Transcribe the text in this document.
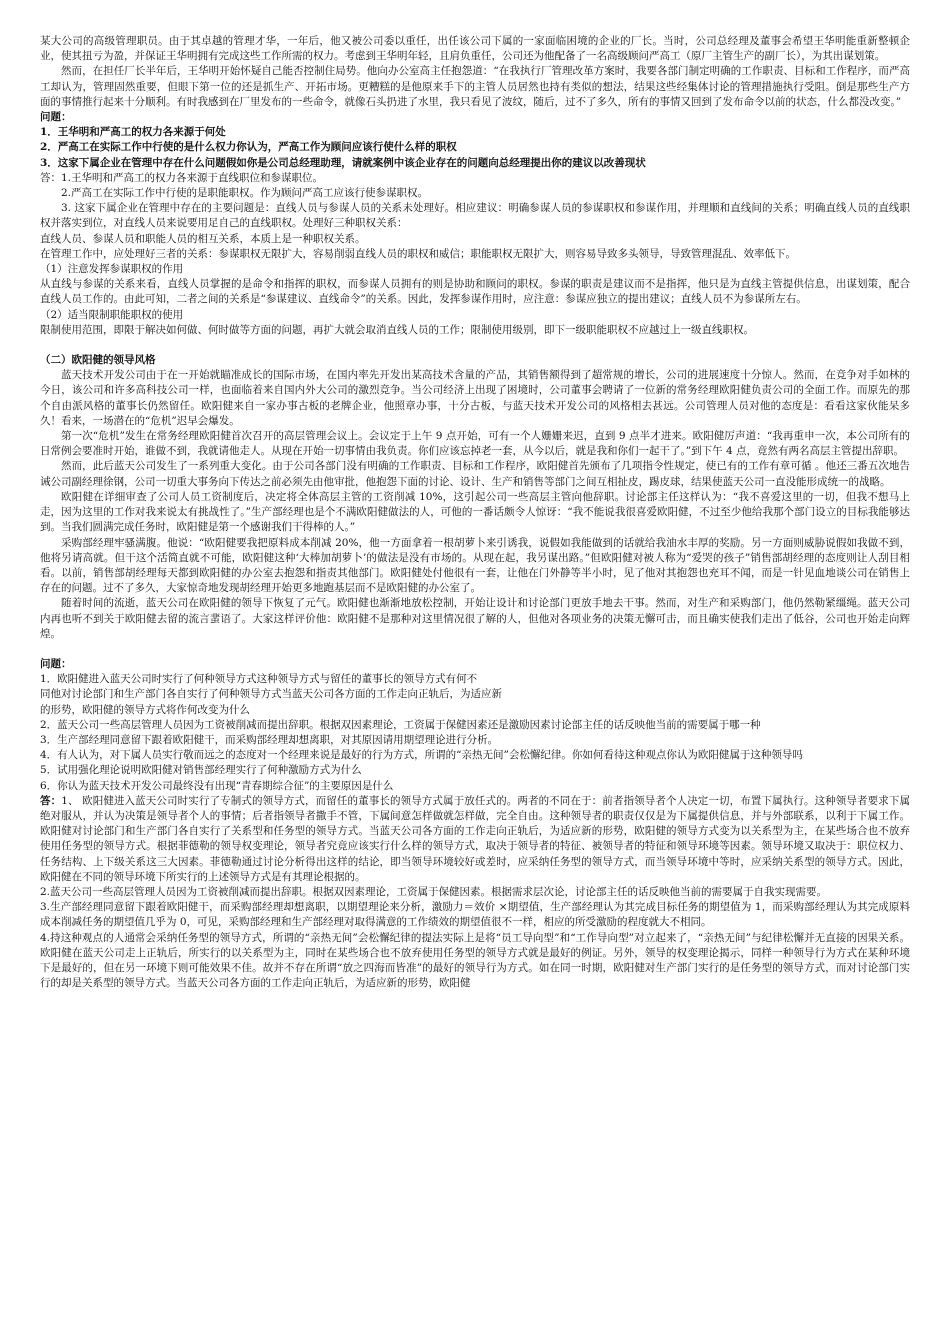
某大公司的高级管理职员。由于其卓越的管理才华，一年后，他又被公司委以重任，出任该公司下属的一家面临困境的企业的厂长。当时，公司总经理及董事会希望王华明能重新整顿企业，使其扭亏为盈，并保证王华明拥有完成这些工作所需的权力。考虑到王华明年轻，且肩负重任，公司还为他配备了一名高级顾问严高工（原厂主管生产的副厂长），为其出谋划策。

然而，在担任厂长半年后，王华明开始怀疑自己能否控制住局势。他向办公室高主任抱怨道：“在我执行厂管理改革方案时，我要各部门制定明确的工作职责、目标和工作程序，而严高工却认为，管理固然重要，但眼下第一位的还是抓生产、开拓市场。更糟糕的是他原来手下的主管人员居然也持有类似的想法，结果这些经集体讨论的管理措施执行受阻。倒是那些生产方面的事情推行起来十分顺利。有时我感到在厂里发布的一些命令，就像石头扔进了水里，我只看见了波纹，随后，过不了多久，所有的事情又回到了发布命令以前的状态，什么都没改变。”

问题：

1．王华明和严高工的权力各来源于何处

2．严高工在实际工作中行使的是什么权力你认为，严高工作为顾问应该行使什么样的职权

3．这家下属企业在管理中存在什么问题假如你是公司总经理助理，请就案例中该企业存在的问题向总经理提出你的建议以改善现状

答：1.王华明和严高工的权力各来源于直线职位和参谋职位。

2.严高工在实际工作中行使的是职能职权。作为顾问严高工应该行使参谋职权。

3. 这家下属企业在管理中存在的主要问题是：直线人员与参谋人员的关系未处理好。相应建议：明确参谋人员的参谋职权和参谋作用，并理顺和直线间的关系；明确直线人员的直线职权并落实到位，对直线人员来说要用足自己的直线职权。处理好三种职权关系：

直线人员、参谋人员和职能人员的相互关系，本质上是一种职权关系。

在管理工作中，应处理好三者的关系：参谋职权无限扩大，容易削弱直线人员的职权和威信；职能职权无限扩大，则容易导致多头领导，导致管理混乱、效率低下。

（1）注意发挥参谋职权的作用

从直线与参谋的关系来看，直线人员掌握的是命令和指挥的职权，而参谋人员拥有的则是协助和顾问的职权。参谋的职责是建议而不是指挥，他只是为直线主管提供信息，出谋划策，配合直线人员工作的。由此可知，二者之间的关系是“参谋建议、直线命令”的关系。因此，发挥参谋作用时，应注意：参谋应独立的提出建议；直线人员不为参谋所左右。

（2）适当限制职能职权的使用

限制使用范围，即限于解决如何做、何时做等方面的问题，再扩大就会取消直线人员的工作；限制使用级别，即下一级职能职权不应越过上一级直线职权。

（二）欧阳健的领导风格

蓝天技术开发公司由于在一开始就瞄准成长的国际市场，在国内率先开发出某高技术含量的产品，其销售额得到了超常规的增长，公司的进展速度十分惊人。然而，在竞争对手如林的今日，该公司和许多高科技公司一样，也面临着来自国内外大公司的激烈竞争。当公司经济上出现了困境时，公司董事会聘请了一位新的常务经理欧阳健负责公司的全面工作。而原先的那个自由派风格的董事长仍然留任。欧阳健来自一家办事古板的老牌企业，他照章办事，十分古板，与蓝天技术开发公司的风格相去甚远。公司管理人员对他的态度是：看看这家伙能呆多久！看来，一场潜在的“危机”迟早会爆发。

第一次“危机”发生在常务经理欧阳健首次召开的高层管理会议上。会议定于上午 9 点开始，可有一个人姗姗来迟，直到 9 点半才进来。欧阳健厉声道：“我再重申一次，本公司所有的日常例会要准时开始，谁做不到，我就请他走人。从现在开始一切事情由我负责。你们应该忘掉老一套，从今以后，就是我和你们一起干了。”到下午 4 点，竟然有两名高层主管提出辞职。

然而，此后蓝天公司发生了一系列重大变化。由于公司各部门没有明确的工作职责、目标和工作程序，欧阳健首先颁布了几项指令性规定，使已有的工作有章可循 。他还三番五次地告诫公司副经理徐钢，公司一切重大事务向下传达之前必须先由他审批，他抱怨下面的讨论、设计、生产和销售等部门之间互相扯皮，踢皮球，结果使蓝天公司一直没能形成统一的战略。

欧阳健在详细审查了公司人员工资制度后，决定将全体高层主管的工资削减 10%，这引起公司一些高层主管向他辞职。讨论部主任这样认为：“我不喜爱这里的一切，但我不想马上走，因为这里的工作对我来说太有挑战性了。”生产部经理也是个不满欧阳健做法的人，可他的一番话颇令人惊讶：“我不能说我很喜爱欧阳健，不过至少他给我那个部门设立的目标我能够达到。当我们圆满完成任务时，欧阳健是第一个感谢我们干得棒的人。”

采购部经理牢骚满腹。他说：“欧阳健要我把原料成本削减 20%，他一方面拿着一根胡萝卜来引诱我，说假如我能做到的话就给我油水丰厚的奖励。另一方面则威胁说假如我做不到，他将另请高就。但干这个活简直就不可能，欧阳健这种‘大棒加胡萝卜’的做法是没有市场的。从现在起，我另谋出路。”但欧阳健对被人称为“爱哭的孩子”销售部胡经理的态度则让人刮目相看。以前，销售部胡经理每天都到欧阳健的办公室去抱怨和指责其他部门。欧阳健处付他很有一套，让他在门外静等半小时，见了他对其抱怨也充耳不闻，而是一针见血地谈公司在销售上存在的问题。过不了多久，大家惊奇地发现胡经理开始更多地跑基层而不是欧阳健的办公室了。

随着时间的流逝，蓝天公司在欧阳健的领导下恢复了元气。欧阳健也渐渐地放松控制，开始让设计和讨论部门更放手地去干事。然而，对生产和采购部门，他仍然勒紧缰绳。蓝天公司内再也听不到关于欧阳健去留的流言蜚语了。大家这样评价他：欧阳健不是那种对这里情况很了解的人，但他对各项业务的决策无懈可击，而且确实使我们走出了低谷，公司也开始走向辉煌。

问题：

1．欧阳健进入蓝天公司时实行了何种领导方式这种领导方式与留任的董事长的领导方式有何不

同他对讨论部门和生产部门各自实行了何种领导方式当蓝天公司各方面的工作走向正轨后，为适应新

的形势，欧阳健的领导方式将作何改变为什么

2．蓝天公司一些高层管理人员因为工资被削减而提出辞职。根据双因素理论，工资属于保健因素还是激励因素讨论部主任的话反映他当前的需要属于哪一种

3．生产部经理同意留下跟着欧阳健干，而采购部经理却想离职，对其原因请用期望理论进行分析。

4．有人认为，对下属人员实行敬而远之的态度对一个经理来说是最好的行为方式，所谓的“亲热无间”会松懈纪律。你如何看待这种观点你认为欧阳健属于这种领导吗

5．试用强化理论说明欧阳健对销售部经理实行了何种激励方式为什么

6．你认为蓝天技术开发公司最终没有出现“青春期综合征”的主要原因是什么

答：1、 欧阳健进入蓝天公司时实行了专制式的领导方式，而留任的董事长的领导方式属于放任式的。两者的不同在于：前者指领导者个人决定一切，布置下属执行。这种领导者要求下属绝对服从，并认为决策是领导者个人的事情；后者指领导者撒手不管，下属间意怎样做就怎样做，完全自由。这种领导者的职责仅仅是为下属提供信息，并与外部联系，以利于下属工作。欧阳健对讨论部门和生产部门各自实行了关系型和任务型的领导方式。当蓝天公司各方面的工作走向正轨后，为适应新的形势，欧阳健的领导方式变为以关系型为主，在某些场合也不放弃使用任务型的领导方式。根据菲德勒的领导权变理论，领导者究竟应该实行什么样的领导方式，取决于领导者的特征、被领导者的特征和领导环境等因素。领导环境又取决于：职位权力、任务结构、上下级关系这三大因素。菲德勒通过讨论分析得出这样的结论，即当领导环境较好或差时，应采纳任务型的领导方式，而当领导环境中等时，应采纳关系型的领导方式。因此，欧阳健在不同的领导环境下所实行的上述领导方式是有其理论根据的。

2.蓝天公司一些高层管理人员因为工资被削减而提出辞职。根据双因素理论，工资属于保健因素。根据需求层次论，讨论部主任的话反映他当前的需要属于自我实现需要。

3.生产部经理同意留下跟着欧阳健干，而采购部经理却想离职，以期望理论来分析，激励力＝效价 ×期望值，生产部经理认为其完成目标任务的期望值为 1，而采购部经理认为其完成原料成本削减任务的期望值几乎为 0，可见，采购部经理和生产部经理对取得满意的工作绩效的期望值很不一样，相应的所受激励的程度就大不相同。

4.持这种观点的人通常会采纳任务型的领导方式，所谓的“亲热无间”会松懈纪律的提法实际上是将“员工导向型”和“工作导向型”对立起来了，“亲热无间”与纪律松懈并无直接的因果关系。欧阳健在蓝天公司走上正轨后，所实行的以关系型为主，同时在某些场合也不放弃使用任务型的领导方式就是最好的例证。另外，领导的权变理论揭示，同样一种领导行为方式在某种环境下是最好的，但在另一环境下则可能效果不佳。故并不存在所谓“放之四海而皆准”的最好的领导行为方式。如在同一时期，欧阳健对生产部门实行的是任务型的领导方式，而对讨论部门实行的却是关系型的领导方式。当蓝天公司各方面的工作走向正轨后，为适应新的形势，欧阳健
